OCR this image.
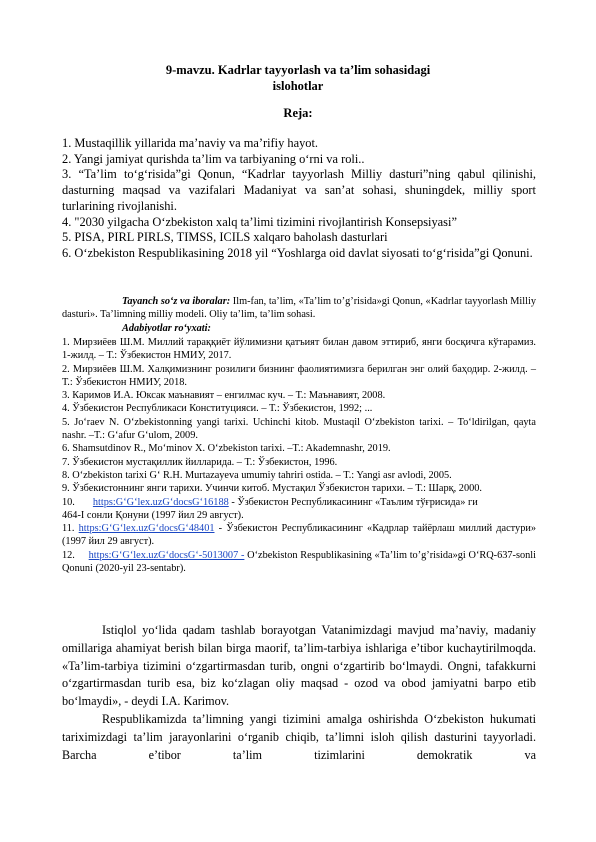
9-mavzu. Kadrlar tayyorlash va ta’lim sohasidagi
islohotlar
Reja:

1. Mustaqillik yillarida ma’naviy va ma’rifiy hayot.

2. Yangi jamiyat qurishda ta’lim va tarbiyaning o‘rni va roli..

3. “Ta’lim to‘g‘risida”gi Qonun, “Kadrlar tayyorlash Milliy dasturi”ning qabul qilinishi, dasturning maqsad va vazifalari Madaniyat va san’at sohasi, shuningdek, milliy sport turlarining rivojlanishi.

4. "2030 yilgacha O‘zbekiston xalq ta’limi tizimini rivojlantirish Konsepsiyasi”

5. PISA, PIRL PIRLS, TIMSS, ICILS xalqaro baholash dasturlari

6. O‘zbekiston Respublikasining 2018 yil “Yoshlarga oid davlat siyosati to‘g‘risida”gi Qonuni.

Tayanch so‘z va iboralar: Ilm-fan, ta’lim, «Ta’lim to’g’risida»gi Qonun, «Kadrlar tayyorlash Milliy dasturi». Ta’limning milliy modeli. Oliy ta’lim, ta’lim sohasi.

Adabiyotlar ro‘yxati:

1. Мирзиёев Ш.М. Миллий тараққиёт йўлимизни қатъият билан давом эттириб, янги босқичга кўтарамиз. 1-жилд. – Т.: Ўзбекистон НМИУ, 2017.

2. Мирзиёев Ш.М. Халқимизнинг розилиги бизнинг фаолиятимизга берилган энг олий баҳодир. 2-жилд. – Т.: Ўзбекистон НМИУ, 2018.

3. Каримов И.А. Юксак маънавият – енгилмас куч. – Т.: Маънавият, 2008.

4. Ўзбекистон Республикаси Конституцияси. – Т.: Ўзбекистон, 1992; ...

5. Jo‘raev N. O‘zbekistonning yangi tarixi. Uchinchi kitob. Mustaqil O‘zbekiston tarixi. – To‘ldirilgan, qayta nashr. –T.: G‘afur G‘ulom, 2009.

6. Shamsutdinov R., Mo‘minov X. O‘zbekiston tarixi. –T.: Akademnashr, 2019.

7. Ўзбекистон мустақиллик йилларида. – Т.: Ўзбекистон, 1996.

8. O‘zbekiston tarixi G‘ R.H. Murtazayeva umumiy tahriri ostida. – T.: Yangi asr avlodi, 2005.

9. Ўзбекистоннинг янги тарихи. Учинчи китоб. Мустақил Ўзбекистон тарихи. – Т.: Шарқ, 2000.

10. https:G‘G‘lex.uzG‘docsG‘16188 - Ўзбекистон Республикасининг «Таълим тўғрисида» ги

464-I сонли Қонуни (1997 йил 29 август).

11. https:G‘G‘lex.uzG‘docsG‘48401 - Ўзбекистон Республикасининг «Кадрлар тайёрлаш миллий дастури» (1997 йил 29 август).

12. https:G‘G‘lex.uzG‘docsG‘-5013007 - O‘zbekiston Respublikasining «Ta’lim to’g’risida»gi O‘RQ-637-sonli Qonuni (2020-yil 23-sentabr).

Istiqlol yo‘lida qadam tashlab borayotgan Vatanimizdagi mavjud ma’naviy, madaniy omillariga ahamiyat berish bilan birga maorif, ta’lim-tarbiya ishlariga e’tibor kuchaytirilmoqda. «Ta’lim-tarbiya tizimini o‘zgartirmasdan turib, ongni o‘zgartirib bo‘lmaydi. Ongni, tafakkurni o‘zgartirmasdan turib esa, biz ko‘zlagan oliy maqsad - ozod va obod jamiyatni barpo etib bo‘lmaydi», - deydi I.A. Karimov.

Respublikamizda ta’limning yangi tizimini amalga oshirishda O‘zbekiston hukumati tariximizdagi ta’lim jarayonlarini o‘rganib chiqib, ta’limni isloh qilish dasturini tayyorladi. Barcha e’tibor ta’lim tizimlarini demokratik va
